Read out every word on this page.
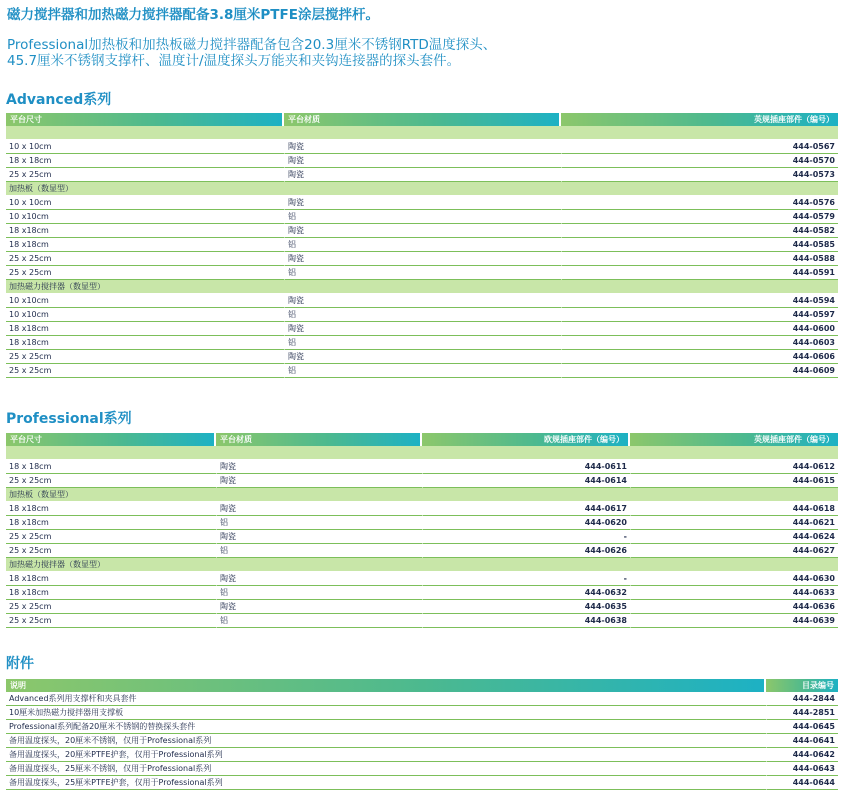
磁力搅拌器和加热磁力搅拌器配备3.8厘米PTFE涂层搅拌杆。

Professional加热板和加热板磁力搅拌器配备包含20.3厘米不锈钢RTD温度探头、

45.7厘米不锈钢支撑杆、温度计/温度探头万能夹和夹钩连接器的探头套件。

Advanced系列
平台尺寸	平台材质	英规插座部件（编号）

10 x 10cm	陶瓷	444-0567
18 x 18cm	陶瓷	444-0570
25 x 25cm	陶瓷	444-0573
加热板（数显型）		
10 x 10cm	陶瓷	444-0576
10 x10cm	铝	444-0579
18 x18cm	陶瓷	444-0582
18 x18cm	铝	444-0585
25 x 25cm	陶瓷	444-0588
25 x 25cm	铝	444-0591
加热磁力搅拌器（数显型）		
10 x10cm	陶瓷	444-0594
10 x10cm	铝	444-0597
18 x18cm	陶瓷	444-0600
18 x18cm	铝	444-0603
25 x 25cm	陶瓷	444-0606
25 x 25cm	铝	444-0609
Professional系列
平台尺寸	平台材质	欧规插座部件（编号）	英规插座部件（编号）

18 x 18cm	陶瓷	444-0611	444-0612
25 x 25cm	陶瓷	444-0614	444-0615
加热板（数显型）			
18 x18cm	陶瓷	444-0617	444-0618
18 x18cm	铝	444-0620	444-0621
25 x 25cm	陶瓷	-	444-0624
25 x 25cm	铝	444-0626	444-0627
加热磁力搅拌器（数显型）			
18 x18cm	陶瓷	-	444-0630
18 x18cm	铝	444-0632	444-0633
25 x 25cm	陶瓷	444-0635	444-0636
25 x 25cm	铝	444-0638	444-0639
附件
说明	目录编号
Advanced系列用支撑杆和夹具套件	444-2844
10厘米加热磁力搅拌器用支撑板	444-2851
Professional系列配备20厘米不锈钢的替换探头套件	444-0645
备用温度探头，20厘米不锈钢，仅用于Professional系列	444-0641
备用温度探头，20厘米PTFE护套，仅用于Professional系列	444-0642
备用温度探头，25厘米不锈钢，仅用于Professional系列	444-0643
备用温度探头，25厘米PTFE护套，仅用于Professional系列	444-0644
